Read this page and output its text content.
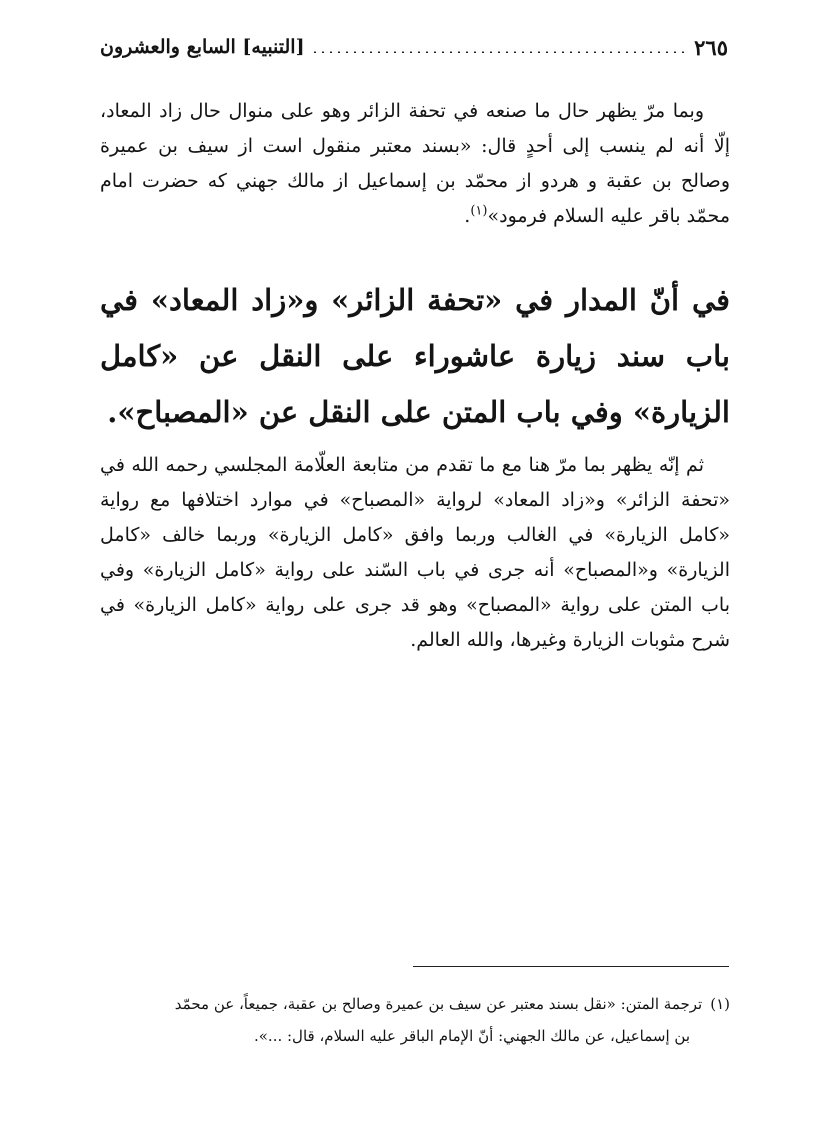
[التنبيه] السابع والعشرون	٢٦٥

وبما مرّ يظهر حال ما صنعه في تحفة الزائر وهو على منوال حال زاد المعاد، إلّا أنه لم ينسب إلى أحدٍ قال: «بسند معتبر منقول است از سيف بن عميرة وصالح بن عقبة و هردو از محمّد بن إسماعيل از مالك جهني كه حضرت امام محمّد باقر عليه السلام فرمود»$^{(١)}$.

في أنّ المدار في «تحفة الزائر» و«زاد المعاد» في باب سند زيارة عاشوراء على النقل عن «كامل الزيارة» وفي باب المتن على النقل عن «المصباح».

ثم إنّه يظهر بما مرّ هنا مع ما تقدم من متابعة العلّامة المجلسي رحمه الله في «تحفة الزائر» و«زاد المعاد» لرواية «المصباح» في موارد اختلافها مع رواية «كامل الزيارة» في الغالب وربما وافق «كامل الزيارة» وربما خالف «كامل الزيارة» و«المصباح» أنه جرى في باب السّند على رواية «كامل الزيارة» وفي باب المتن على رواية «المصباح» وهو قد جرى على رواية «كامل الزيارة» في شرح مثوبات الزيارة وغيرها، والله العالم.

(١)ترجمة المتن: «نقل بسند معتبر عن سيف بن عميرة وصالح بن عقبة، جميعاً، عن محمّد
بن إسماعيل، عن مالك الجهني: أنّ الإمام الباقر عليه السلام، قال: ...».
